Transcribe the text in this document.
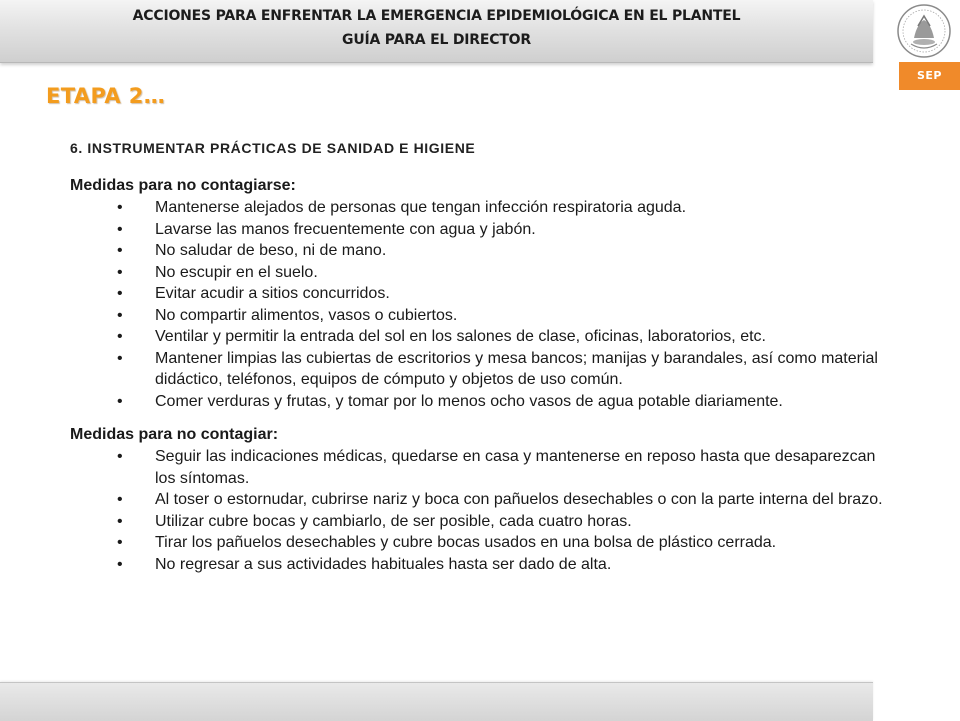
ACCIONES PARA ENFRENTAR LA EMERGENCIA EPIDEMIOLÓGICA EN EL PLANTEL
GUÍA PARA EL DIRECTOR
SEP
ETAPA 2…
6. INSTRUMENTAR PRÁCTICAS DE SANIDAD E HIGIENE
Medidas para no contagiarse:
• Mantenerse alejados de personas que tengan infección respiratoria aguda.
• Lavarse las manos frecuentemente con agua y jabón.
• No saludar de beso, ni de mano.
• No escupir en el suelo.
• Evitar acudir a sitios concurridos.
• No compartir alimentos, vasos o cubiertos.
• Ventilar y permitir la entrada del sol en los salones de clase, oficinas, laboratorios, etc.
• Mantener limpias las cubiertas de escritorios y mesa bancos; manijas y barandales, así como material didáctico, teléfonos, equipos de cómputo y objetos de uso común.
• Comer verduras y frutas, y tomar por lo menos ocho vasos de agua potable diariamente.
Medidas para no contagiar:
• Seguir las indicaciones médicas, quedarse en casa y mantenerse en reposo hasta que desaparezcan los síntomas.
• Al toser o estornudar, cubrirse nariz y boca con pañuelos desechables o con la parte interna del brazo.
• Utilizar cubre bocas y cambiarlo, de ser posible, cada cuatro horas.
• Tirar los pañuelos desechables y cubre bocas usados en una bolsa de plástico cerrada.
• No regresar a sus actividades habituales hasta ser dado de alta.
